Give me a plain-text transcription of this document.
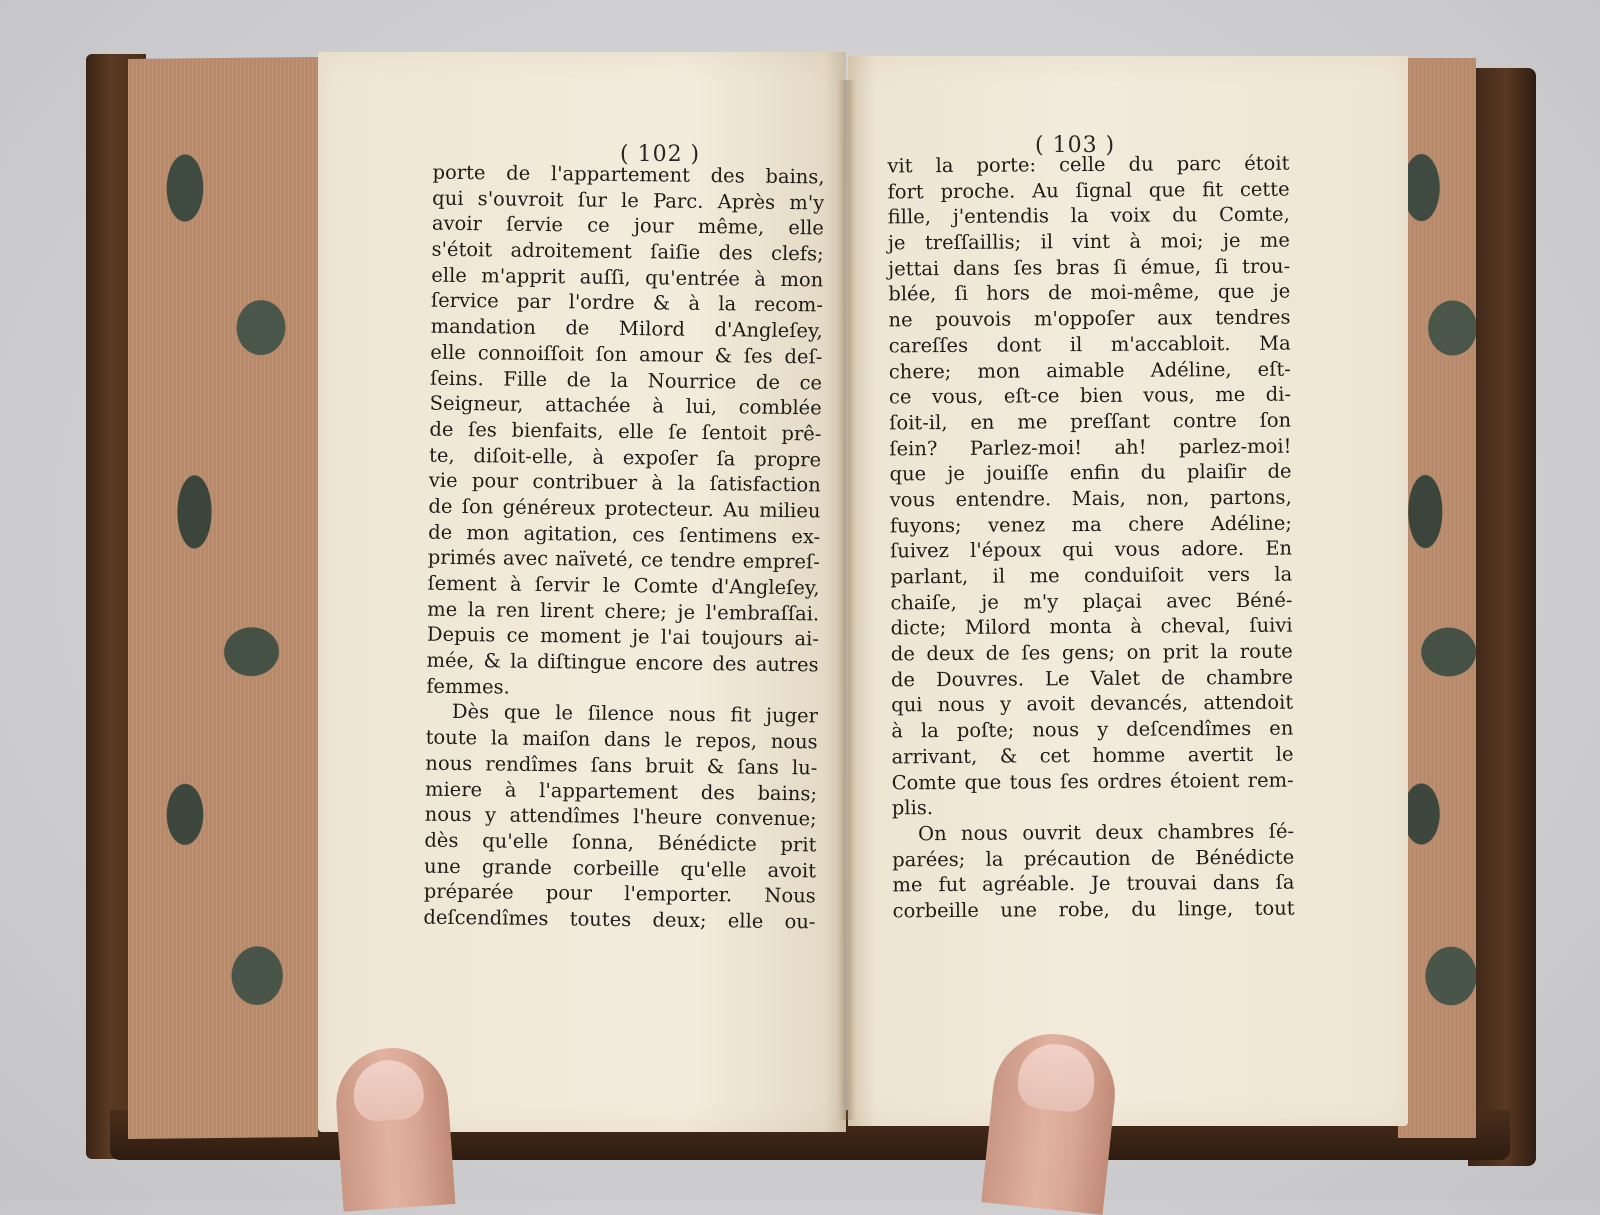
( 102 )	( 103 )
porte de l'appartement des bains,
qui s'ouvroit ſur le Parc. Après m'y
avoir ſervie ce jour même, elle
s'étoit adroitement ſaiſie des clefs;
elle m'apprit auſſi, qu'entrée à mon
ſervice par l'ordre & à la recom-
mandation de Milord d'Angleſey,
elle connoiſſoit ſon amour & ſes deſ-
ſeins. Fille de la Nourrice de ce
Seigneur, attachée à lui, comblée
de ſes bienfaits, elle ſe ſentoit prê-
te, diſoit-elle, à expoſer ſa propre
vie pour contribuer à la ſatisfaction
de ſon généreux protecteur. Au milieu
de mon agitation, ces ſentimens ex-
primés avec naïveté, ce tendre empreſ-
ſement à ſervir le Comte d'Angleſey,
me la ren lirent chere; je l'embraſſai.
Depuis ce moment je l'ai toujours ai-
mée, & la diſtingue encore des autres
femmes.
Dès que le ſilence nous fit juger
toute la maiſon dans le repos, nous
nous rendîmes ſans bruit & ſans lu-
miere à l'appartement des bains;
nous y attendîmes l'heure convenue;
dès qu'elle ſonna, Bénédicte prit
une grande corbeille qu'elle avoit
préparée pour l'emporter. Nous
deſcendîmes toutes deux; elle ou-
vit la porte: celle du parc étoit
fort proche. Au ſignal que fit cette
fille, j'entendis la voix du Comte,
je treſſaillis; il vint à moi; je me
jettai dans ſes bras ſi émue, ſi trou-
blée, ſi hors de moi-même, que je
ne pouvois m'oppoſer aux tendres
careſſes dont il m'accabloit. Ma
chere; mon aimable Adéline, eſt-
ce vous, eſt-ce bien vous, me di-
ſoit-il, en me preſſant contre ſon
ſein? Parlez-moi! ah! parlez-moi!
que je jouiſſe enfin du plaiſir de
vous entendre. Mais, non, partons,
fuyons; venez ma chere Adéline;
ſuivez l'époux qui vous adore. En
parlant, il me conduiſoit vers la
chaiſe, je m'y plaçai avec Béné-
dicte; Milord monta à cheval, ſuivi
de deux de ſes gens; on prit la route
de Douvres. Le Valet de chambre
qui nous y avoit devancés, attendoit
à la poſte; nous y deſcendîmes en
arrivant, & cet homme avertit le
Comte que tous ſes ordres étoient rem-
plis.
On nous ouvrit deux chambres ſé-
parées; la précaution de Bénédicte
me fut agréable. Je trouvai dans ſa
corbeille une robe, du linge, tout
